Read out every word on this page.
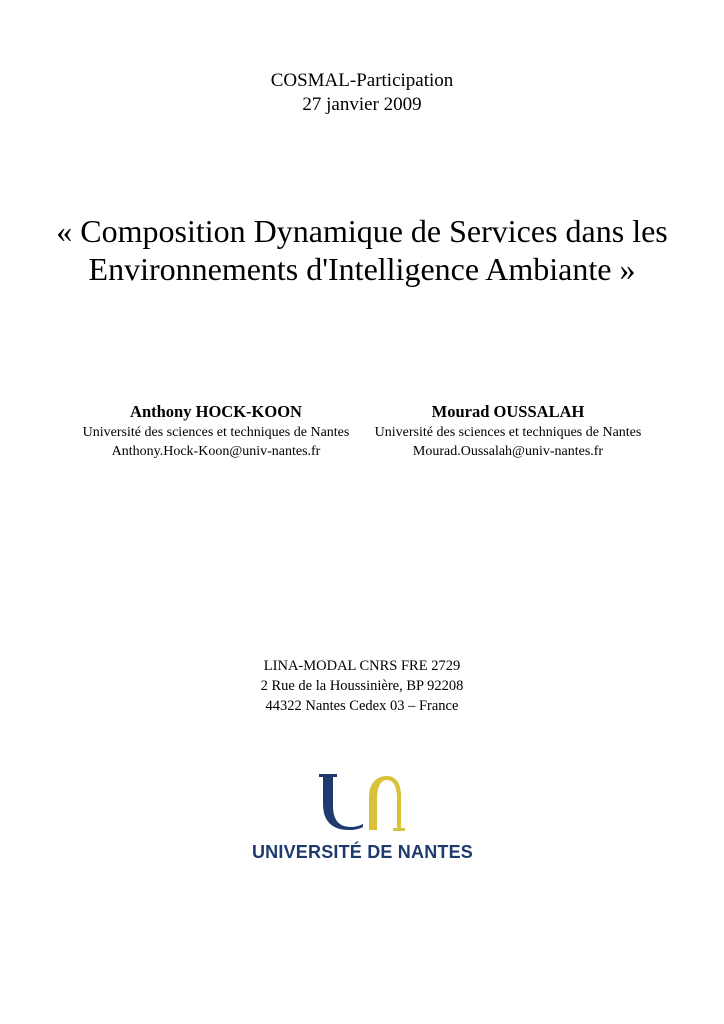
COSMAL-Participation
27 janvier 2009
« Composition Dynamique de Services dans les
Environnements d'Intelligence Ambiante »
Anthony HOCK-KOON
Université des sciences et techniques de Nantes
Anthony.Hock-Koon@univ-nantes.fr
Mourad OUSSALAH
Université des sciences et techniques de Nantes
Mourad.Oussalah@univ-nantes.fr
LINA-MODAL CNRS FRE 2729
2 Rue de la Houssinière, BP 92208
44322 Nantes Cedex 03 – France
UNIVERSITÉ DE NANTES
